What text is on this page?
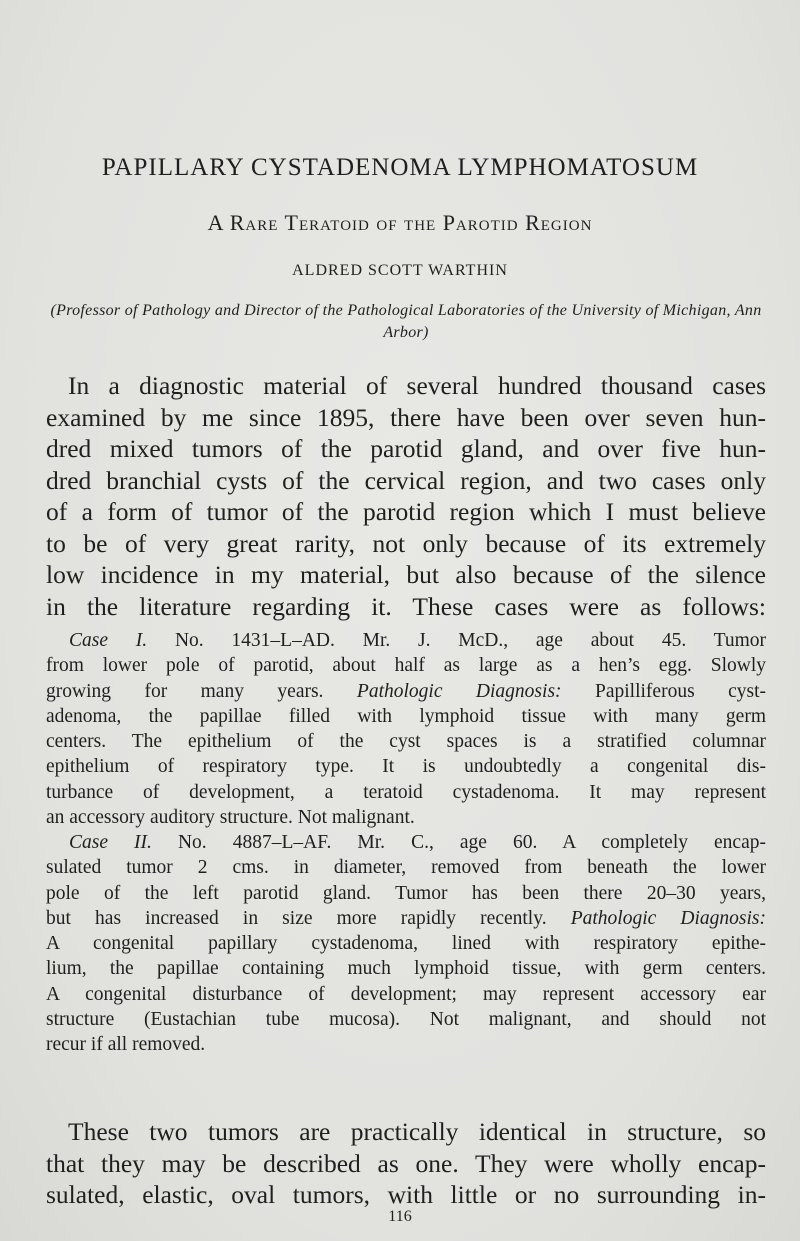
PAPILLARY CYSTADENOMA LYMPHOMATOSUM
A Rare Teratoid of the Parotid Region
ALDRED SCOTT WARTHIN
(Professor of Pathology and Director of the Pathological Laboratories of the University of Michigan, Ann Arbor)
In a diagnostic material of several hundred thousand cases
examined by me since 1895, there have been over seven hun-
dred mixed tumors of the parotid gland, and over five hun-
dred branchial cysts of the cervical region, and two cases only
of a form of tumor of the parotid region which I must believe
to be of very great rarity, not only because of its extremely
low incidence in my material, but also because of the silence
in the literature regarding it. These cases were as follows:
Case I. No. 1431–L–AD. Mr. J. McD., age about 45. Tumor
from lower pole of parotid, about half as large as a hen’s egg. Slowly
growing for many years. Pathologic Diagnosis: Papilliferous cyst-
adenoma, the papillae filled with lymphoid tissue with many germ
centers. The epithelium of the cyst spaces is a stratified columnar
epithelium of respiratory type. It is undoubtedly a congenital dis-
turbance of development, a teratoid cystadenoma. It may represent
an accessory auditory structure. Not malignant.
Case II. No. 4887–L–AF. Mr. C., age 60. A completely encap-
sulated tumor 2 cms. in diameter, removed from beneath the lower
pole of the left parotid gland. Tumor has been there 20–30 years,
but has increased in size more rapidly recently. Pathologic Diagnosis:
A congenital papillary cystadenoma, lined with respiratory epithe-
lium, the papillae containing much lymphoid tissue, with germ centers.
A congenital disturbance of development; may represent accessory ear
structure (Eustachian tube mucosa). Not malignant, and should not
recur if all removed.
These two tumors are practically identical in structure, so
that they may be described as one. They were wholly encap-
sulated, elastic, oval tumors, with little or no surrounding in-
116
